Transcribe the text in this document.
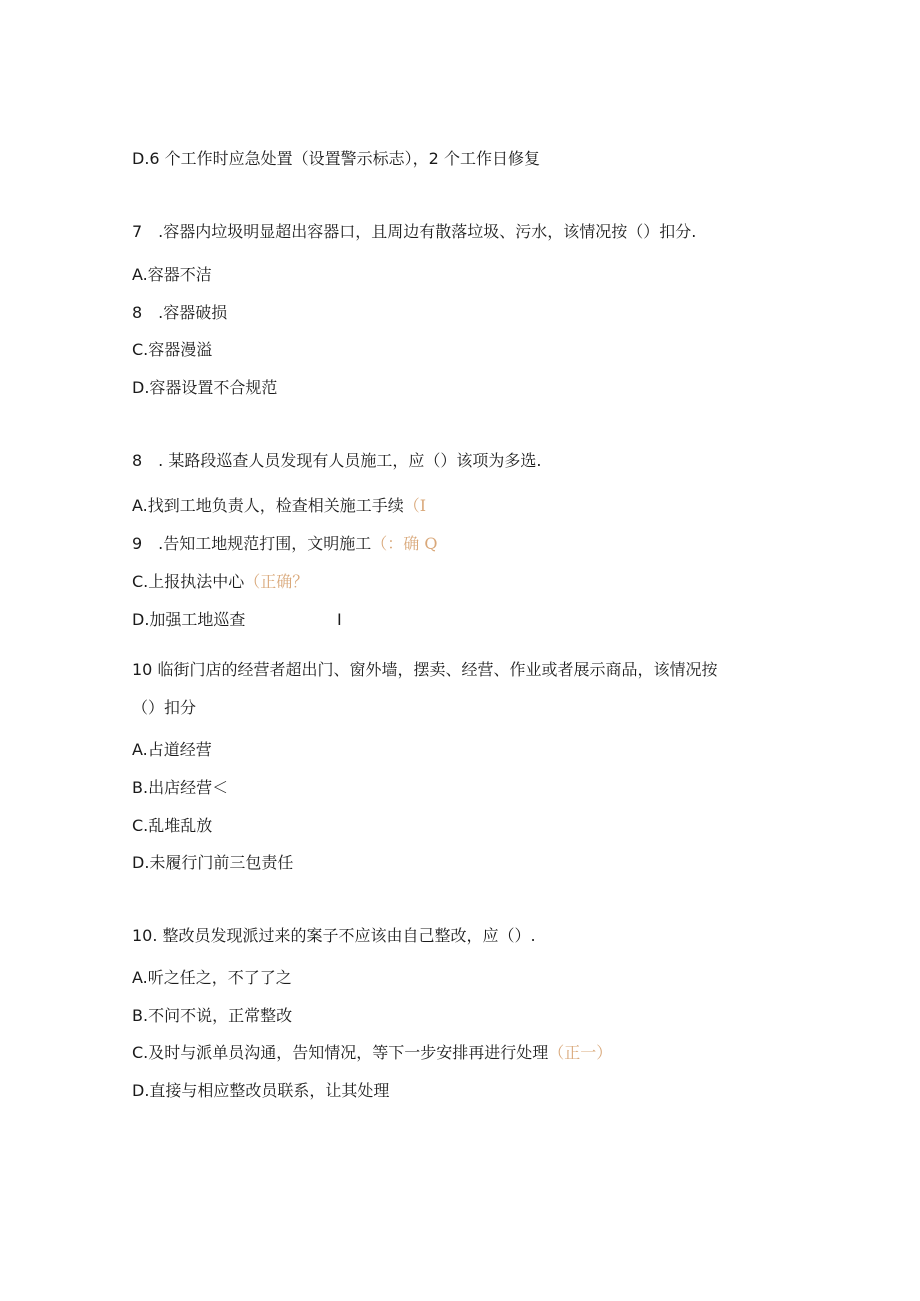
D.6 个工作时应急处置（设置警示标志），2 个工作日修复
7　.容器内垃圾明显超出容器口，且周边有散落垃圾、污水，该情况按（）扣分.
A.容器不洁
8　.容器破损
C.容器漫溢
D.容器设置不合规范
8　. 某路段巡查人员发现有人员施工，应（）该项为多选.
A.找到工地负责人，检查相关施工手续（I
9　.告知工地规范打围，文明施工（：确 Q
C.上报执法中心（正确？
D.加强工地巡查	I
10 临街门店的经营者超出门、窗外墙，摆卖、经营、作业或者展示商品，该情况按
（）扣分
A.占道经营
B.出店经营＜
C.乱堆乱放
D.未履行门前三包责任
10. 整改员发现派过来的案子不应该由自己整改，应（）.
A.听之任之，不了了之
B.不问不说，正常整改
C.及时与派单员沟通，告知情况，等下一步安排再进行处理（正一）
D.直接与相应整改员联系，让其处理
